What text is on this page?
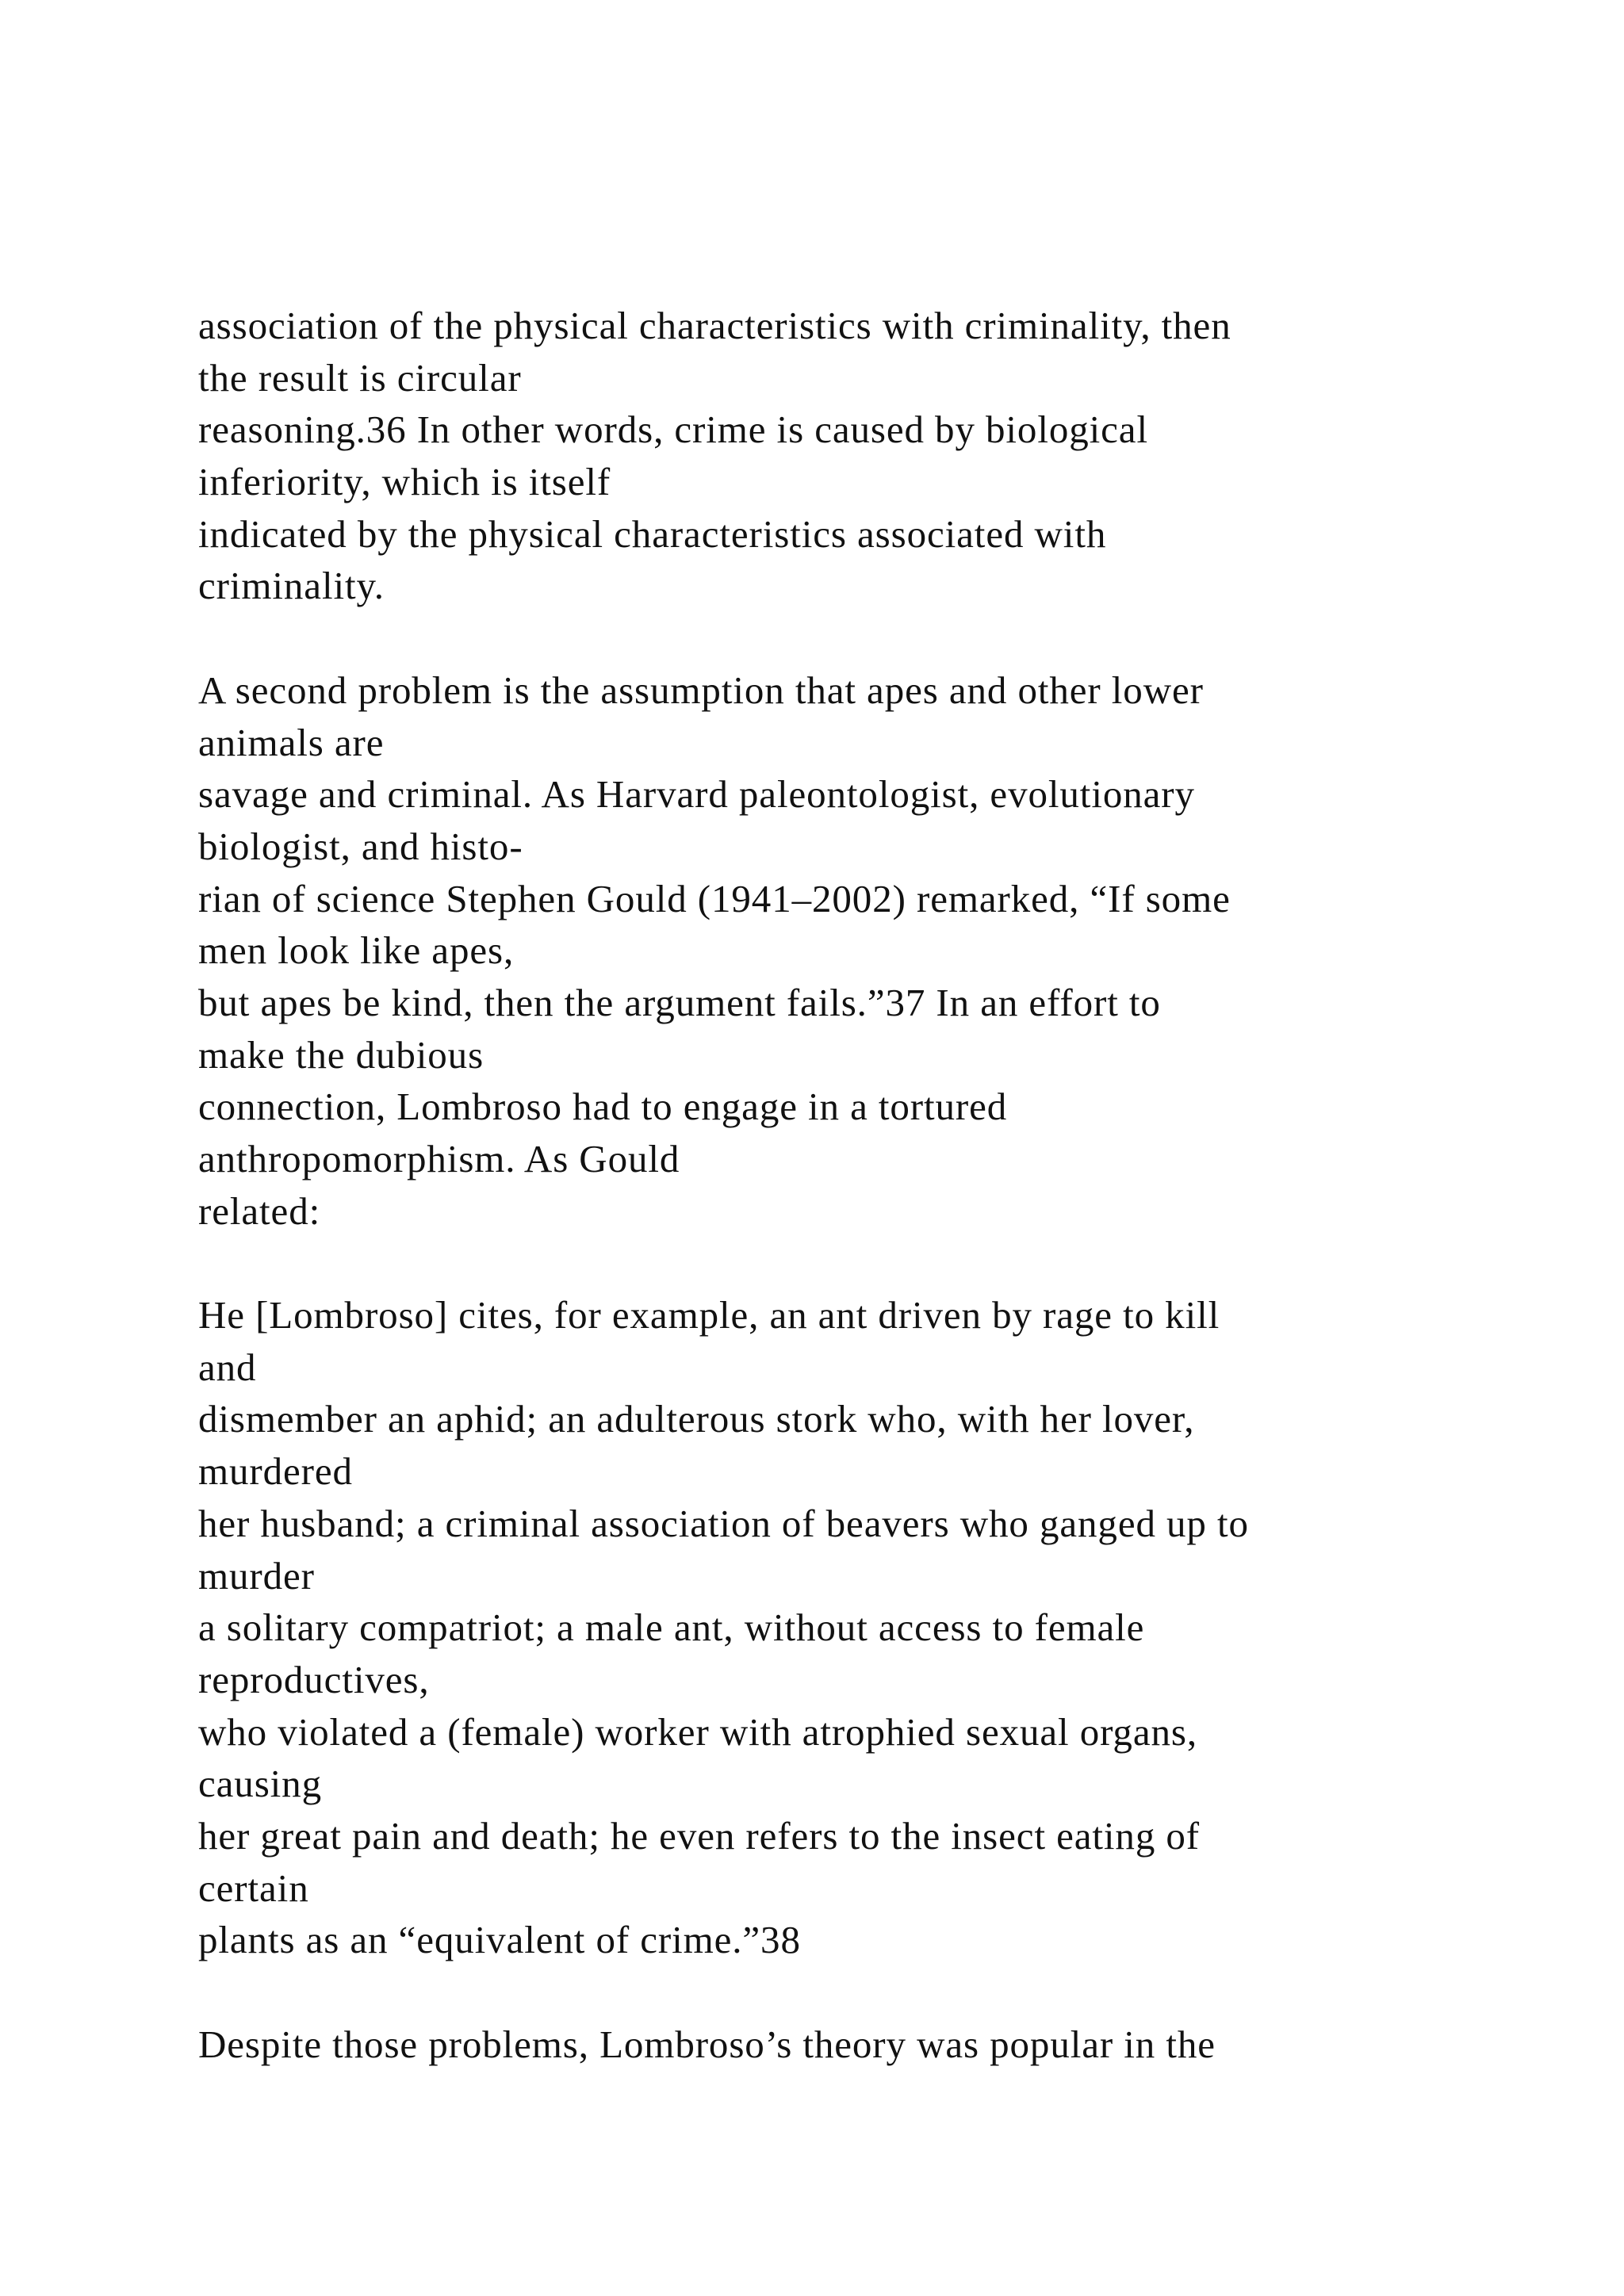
association of the physical characteristics with criminality, then
the result is circular
reasoning.36 In other words, crime is caused by biological
inferiority, which is itself
indicated by the physical characteristics associated with
criminality.
A second problem is the assumption that apes and other lower
animals are
savage and criminal. As Harvard paleontologist, evolutionary
biologist, and histo-
rian of science Stephen Gould (1941–2002) remarked, “If some
men look like apes,
but apes be kind, then the argument fails.”37 In an effort to
make the dubious
connection, Lombroso had to engage in a tortured
anthropomorphism. As Gould
related:
He [Lombroso] cites, for example, an ant driven by rage to kill
and
dismember an aphid; an adulterous stork who, with her lover,
murdered
her husband; a criminal association of beavers who ganged up to
murder
a solitary compatriot; a male ant, without access to female
reproductives,
who violated a (female) worker with atrophied sexual organs,
causing
her great pain and death; he even refers to the insect eating of
certain
plants as an “equivalent of crime.”38
Despite those problems, Lombroso’s theory was popular in the
